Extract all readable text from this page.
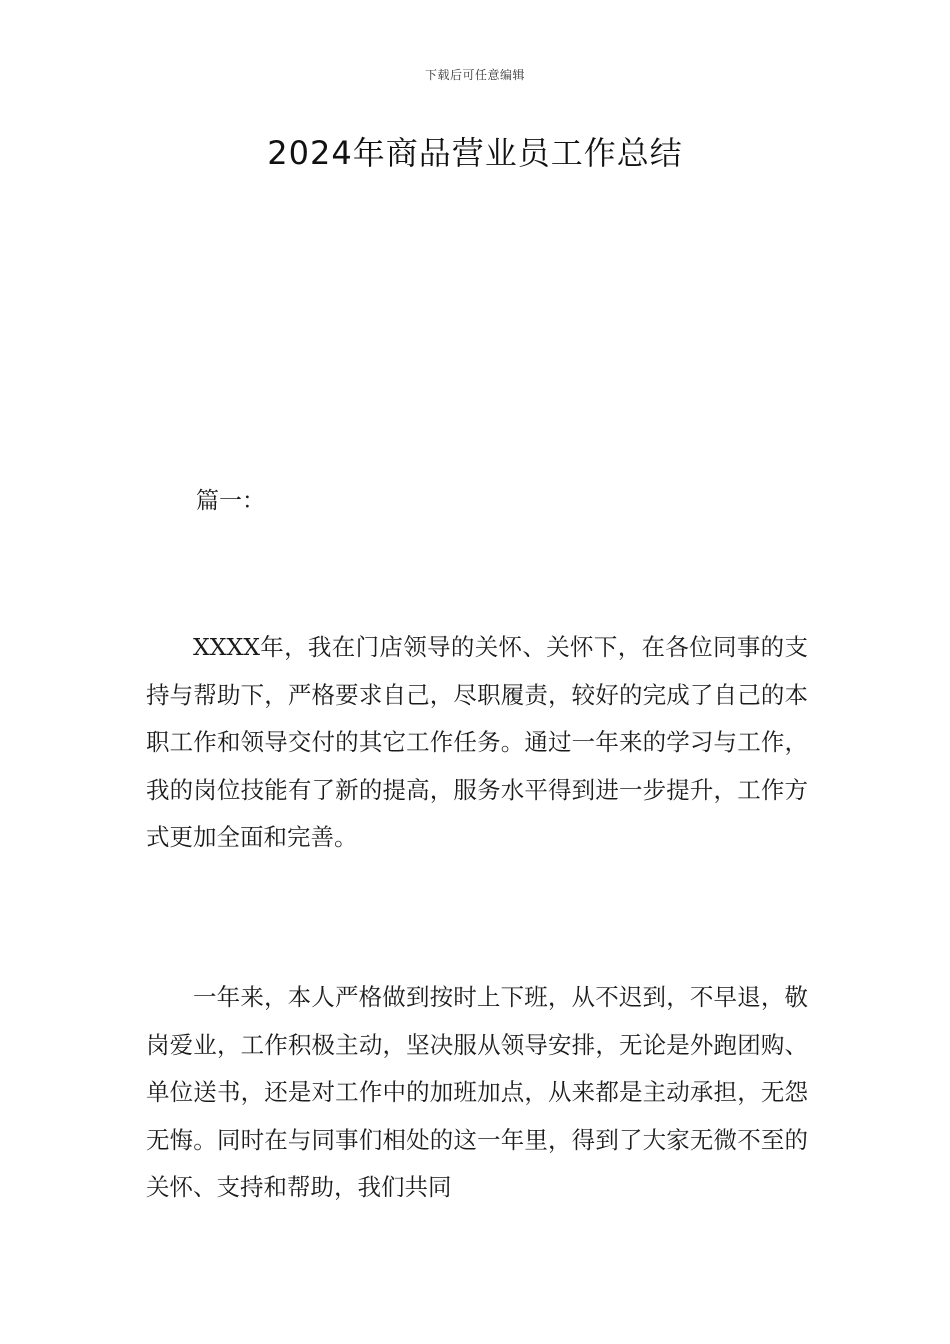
下载后可任意编辑
2024年商品营业员工作总结
篇一：

XXXX年，我在门店领导的关怀、关怀下，在各位同事的支持与帮助下，严格要求自己，尽职履责，较好的完成了自己的本职工作和领导交付的其它工作任务。通过一年来的学习与工作，我的岗位技能有了新的提高，服务水平得到进一步提升，工作方式更加全面和完善。

一年来，本人严格做到按时上下班，从不迟到，不早退，敬岗爱业，工作积极主动，坚决服从领导安排，无论是外跑团购、单位送书，还是对工作中的加班加点，从来都是主动承担，无怨无悔。同时在与同事们相处的这一年里，得到了大家无微不至的关怀、支持和帮助，我们共同
